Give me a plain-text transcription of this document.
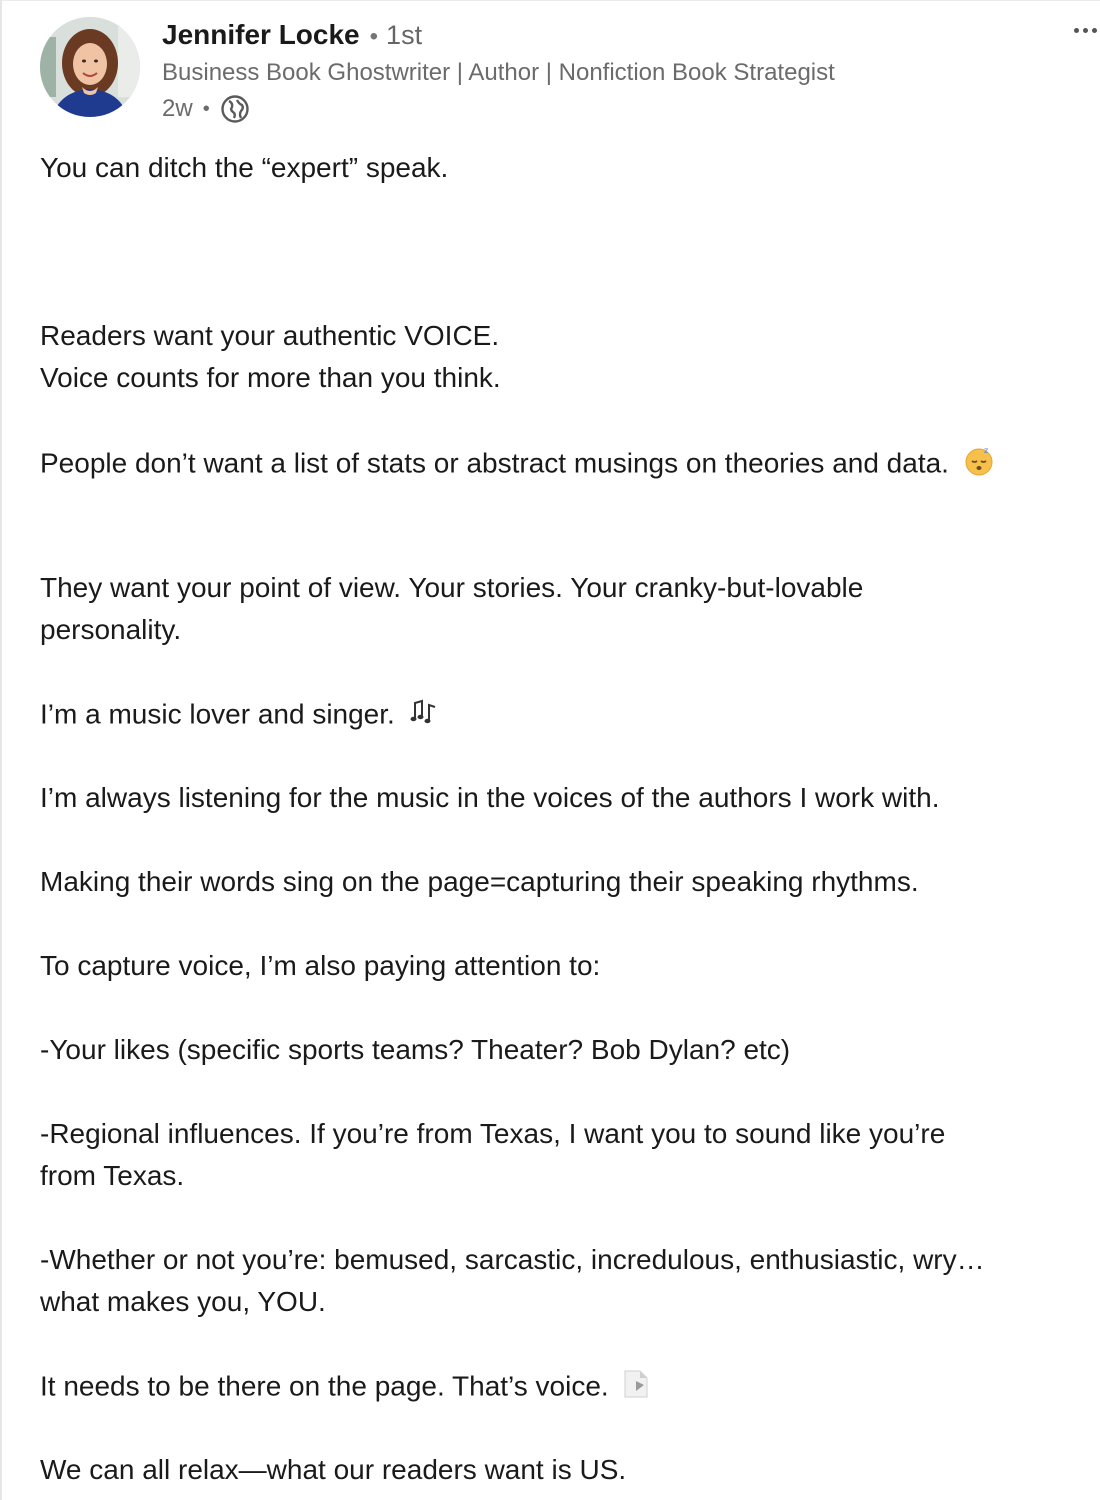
Jennifer Locke • 1st
Business Book Ghostwriter | Author | Nonfiction Book Strategist
2w •
You can ditch the “expert” speak.
Readers want your authentic VOICE.
Voice counts for more than you think.
People don’t want a list of stats or abstract musings on theories and data.	z
They want your point of view. Your stories. Your cranky-but-lovable
personality.
I’m a music lover and singer.
I’m always listening for the music in the voices of the authors I work with.
Making their words sing on the page=capturing their speaking rhythms.
To capture voice, I’m also paying attention to:
-Your likes (specific sports teams? Theater? Bob Dylan? etc)
-Regional influences. If you’re from Texas, I want you to sound like you’re
from Texas.
-Whether or not you’re: bemused, sarcastic, incredulous, enthusiastic, wry…
what makes you, YOU.
It needs to be there on the page. That’s voice.
We can all relax—what our readers want is US.
